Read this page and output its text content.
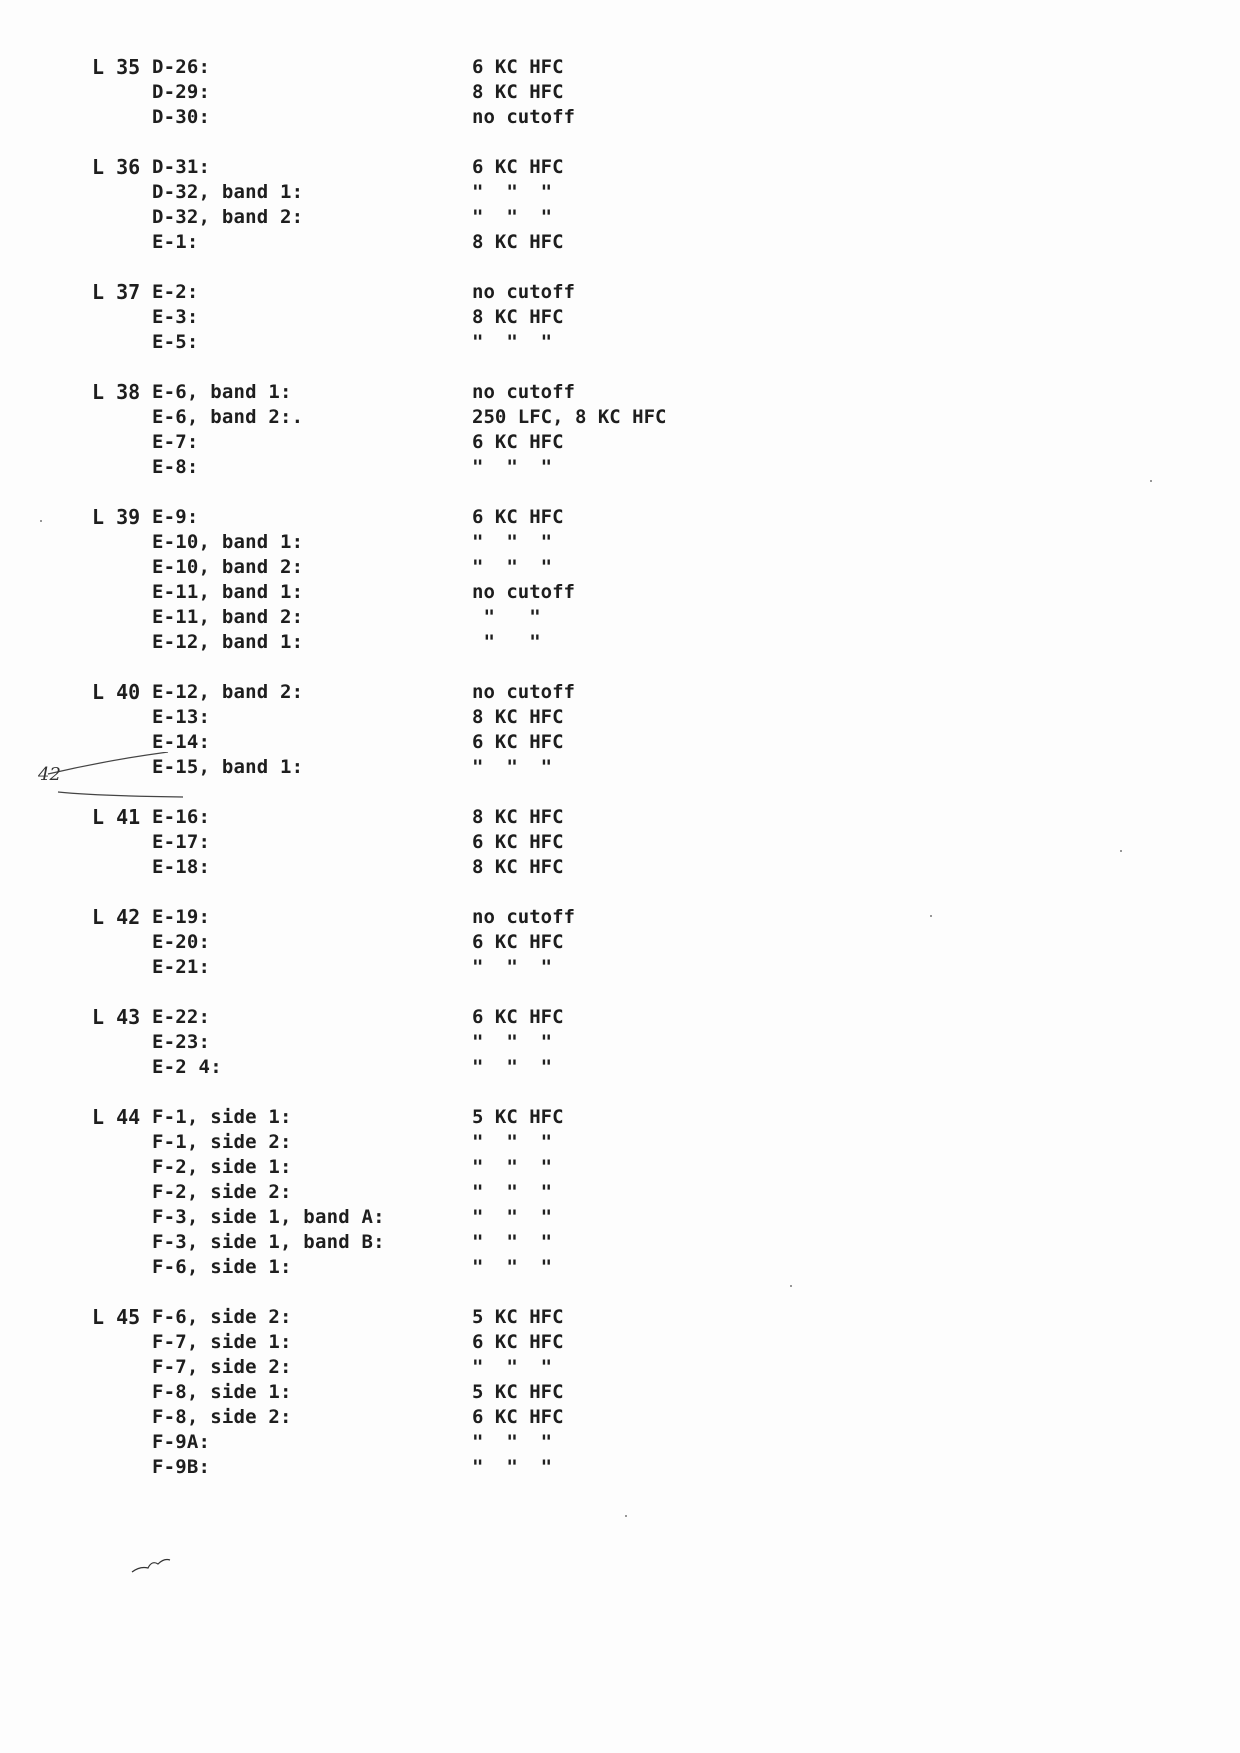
L 35 D-26:	6 KC HFC
D-29:	8 KC HFC
D-30:	no cutoff
L 36 D-31:	6 KC HFC
D-32, band 1:	"  "  "
D-32, band 2:	"  "  "
E-1:	8 KC HFC
L 37 E-2:	no cutoff
E-3:	8 KC HFC
E-5:	"  "  "
L 38 E-6, band 1:	no cutoff
E-6, band 2:.	250 LFC, 8 KC HFC
E-7:	6 KC HFC
E-8:	"  "  "
L 39 E-9:	6 KC HFC
E-10, band 1:	"  "  "
E-10, band 2:	"  "  "
E-11, band 1:	no cutoff
E-11, band 2:	"   "
E-12, band 1:	"   "
L 40 E-12, band 2:	no cutoff
E-13:	8 KC HFC
E-14:	6 KC HFC
E-15, band 1:	"  "  "
L 41 E-16:	8 KC HFC
E-17:	6 KC HFC
E-18:	8 KC HFC
L 42 E-19:	no cutoff
E-20:	6 KC HFC
E-21:	"  "  "
L 43 E-22:	6 KC HFC
E-23:	"  "  "
E-2 4:	"  "  "
L 44 F-1, side 1:	5 KC HFC
F-1, side 2:	"  "  "
F-2, side 1:	"  "  "
F-2, side 2:	"  "  "
F-3, side 1, band A:	"  "  "
F-3, side 1, band B:	"  "  "
F-6, side 1:	"  "  "
L 45 F-6, side 2:	5 KC HFC
F-7, side 1:	6 KC HFC
F-7, side 2:	"  "  "
F-8, side 1:	5 KC HFC
F-8, side 2:	6 KC HFC
F-9A:	"  "  "
F-9B:	"  "  "
42
